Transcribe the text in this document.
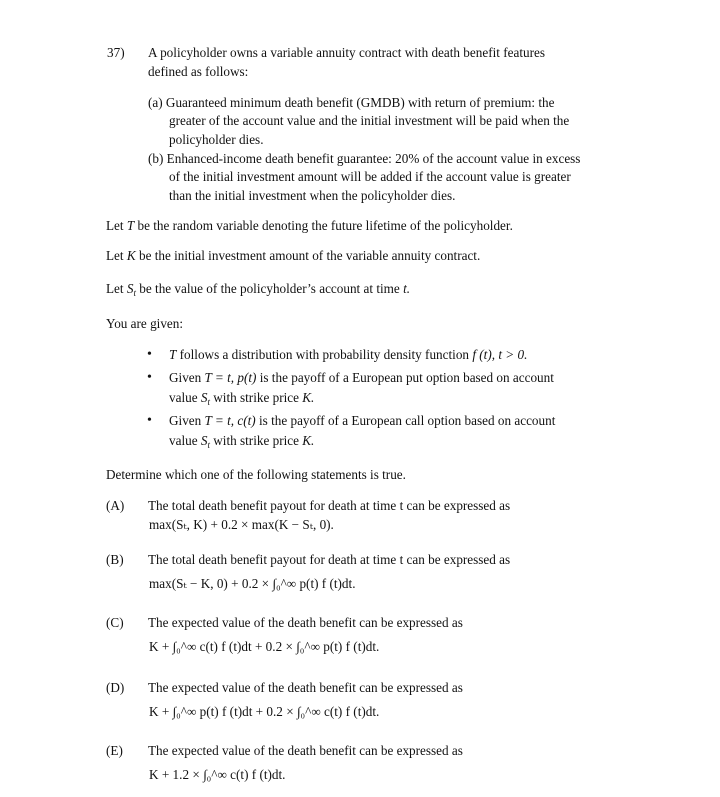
37) A policyholder owns a variable annuity contract with death benefit features
defined as follows:
(a) Guaranteed minimum death benefit (GMDB) with return of premium: the
greater of the account value and the initial investment will be paid when the
policyholder dies.
(b) Enhanced-income death benefit guarantee: 20% of the account value in excess
of the initial investment amount will be added if the account value is greater
than the initial investment when the policyholder dies.
Let T be the random variable denoting the future lifetime of the policyholder.
Let K be the initial investment amount of the variable annuity contract.
Let $S_t$ be the value of the policyholder’s account at time t.
You are given:
• T follows a distribution with probability density function f (t), t > 0.
• Given T = t, p(t) is the payoff of a European put option based on account
value $S_t$ with strike price K.
• Given T = t, c(t) is the payoff of a European call option based on account
value $S_t$ with strike price K.
Determine which one of the following statements is true.
(A) The total death benefit payout for death at time t can be expressed as
max(Sₜ, K) + 0.2 × max(K − Sₜ, 0).
(B) The total death benefit payout for death at time t can be expressed as
max(Sₜ − K, 0) + 0.2 × ∫₀^∞ p(t) f (t)dt.
(C) The expected value of the death benefit can be expressed as
K + ∫₀^∞ c(t) f (t)dt + 0.2 × ∫₀^∞ p(t) f (t)dt.
(D) The expected value of the death benefit can be expressed as
K + ∫₀^∞ p(t) f (t)dt + 0.2 × ∫₀^∞ c(t) f (t)dt.
(E) The expected value of the death benefit can be expressed as
K + 1.2 × ∫₀^∞ c(t) f (t)dt.
